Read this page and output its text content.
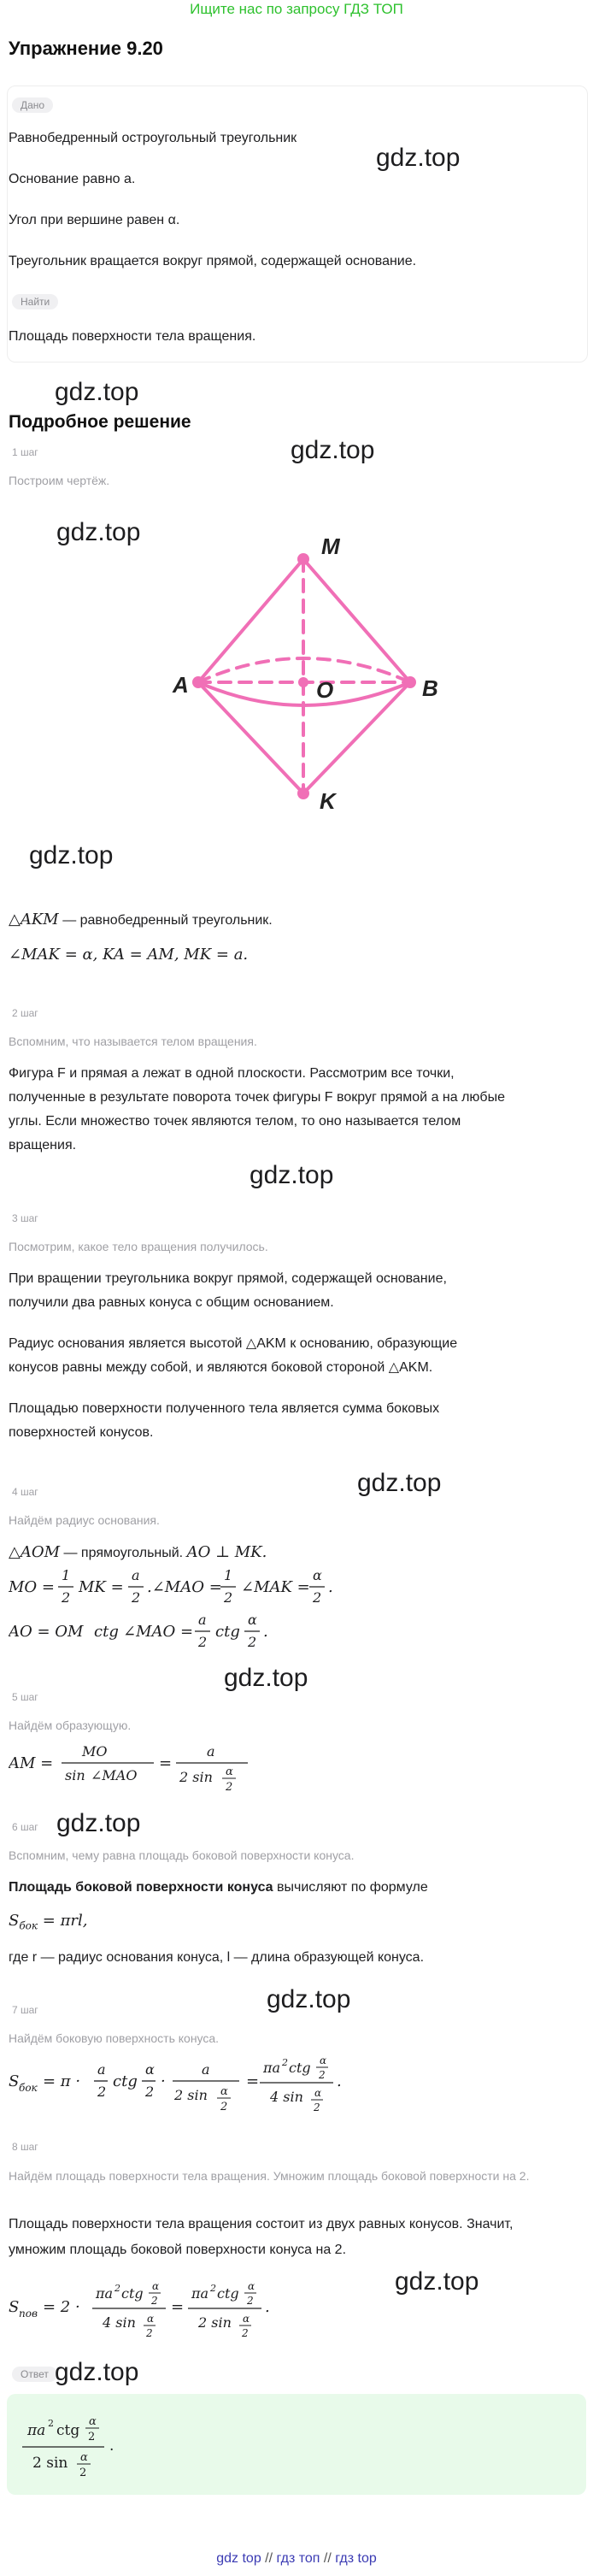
Ищите нас по запросу ГДЗ ТОП
Упражнение 9.20
Дано
Равнобедренный остроугольный треугольник
Основание равно a.
Угол при вершине равен α.
Треугольник вращается вокруг прямой, содержащей основание.
Найти
Площадь поверхности тела вращения.
gdz.top
gdz.top
Подробное решение
1 шаг
Построим чертёж.
gdz.top
gdz.top	M
A	O	B
K
gdz.top
△AKM — равнобедренный треугольник.
∠MAK = α, KA = AM, MK = a.
2 шаг
Вспомним, что называется телом вращения.
Фигура F и прямая a лежат в одной плоскости. Рассмотрим все точки,
полученные в результате поворота точек фигуры F вокруг прямой a на любые
углы. Если множество точек являются телом, то оно называется телом
вращения.
gdz.top
3 шаг
Посмотрим, какое тело вращения получилось.
При вращении треугольника вокруг прямой, содержащей основание,
получили два равных конуса с общим основанием.
Радиус основания является высотой △AKM к основанию, образующие
конусов равны между собой, и являются боковой стороной △AKM.
Площадью поверхности полученного тела является сумма боковых
поверхностей конусов.
gdz.top
4 шаг
Найдём радиус основания.
△AOM — прямоугольный. AO ⊥ MK.
MO =
1
2
MK =
a
2
.∠MAO =
1
2
∠MAK =
α
2
.
AO = OM ctg ∠MAO =
a
2
ctg
α
2
.
gdz.top
5 шаг
Найдём образующую.
AM =
MO
sin ∠MAO
=
a
2 sin α
2
6 шаг gdz.top
Вспомним, чему равна площадь боковой поверхности конуса.
Площадь боковой поверхности конуса вычисляют по формуле
$S_{бок} = \pi rl$,
где r — радиус основания конуса, l — длина образующей конуса.
gdz.top
7 шаг
Найдём боковую поверхность конуса.
S бок = π ·
a
2
ctg
α
2
·
a
2 sin α
2
=
πa 2 ctg α
2
4 sin α
2
.
8 шаг
Найдём площадь поверхности тела вращения. Умножим площадь боковой поверхности на 2.
Площадь поверхности тела вращения состоит из двух равных конусов. Значит,
умножим площадь боковой поверхности конуса на 2.
gdz.top
S пов = 2 ·
πa 2 ctg α
2
4 sin α
2
=
πa 2 ctg α
2
2 sin α
2
.
Ответ gdz.top
πa 2 ctg
α
2
2 sin α
2
.
gdz top // гдз топ // гдз top
